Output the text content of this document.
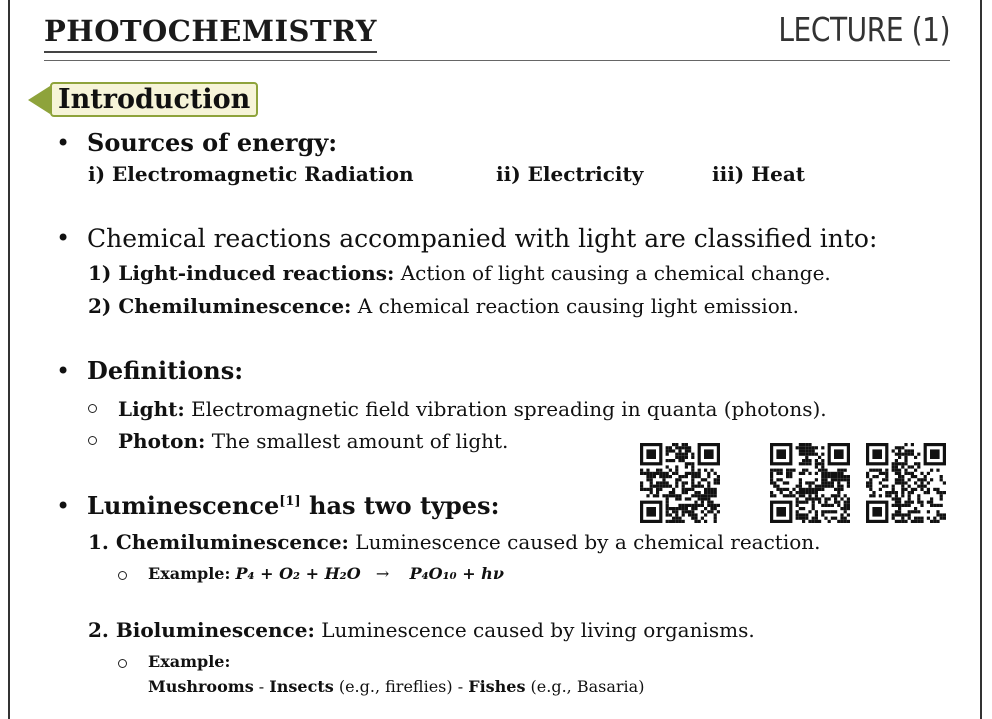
PHOTOCHEMISTRY	LECTURE (1)
Introduction
Sources of energy:
i) Electromagnetic Radiation	ii) Electricity	iii) Heat
Chemical reactions accompanied with light are classified into:
1) Light-induced reactions: Action of light causing a chemical change.
2) Chemiluminescence: A chemical reaction causing light emission.
Definitions:
Light: Electromagnetic field vibration spreading in quanta (photons).
Photon: The smallest amount of light.
Luminescence[1] has two types:
1. Chemiluminescence: Luminescence caused by a chemical reaction.
Example: P₄ + O₂ + H₂O → P₄O₁₀ + hν
2. Bioluminescence: Luminescence caused by living organisms.
Example:
Mushrooms - Insects (e.g., fireflies) - Fishes (e.g., Basaria)
